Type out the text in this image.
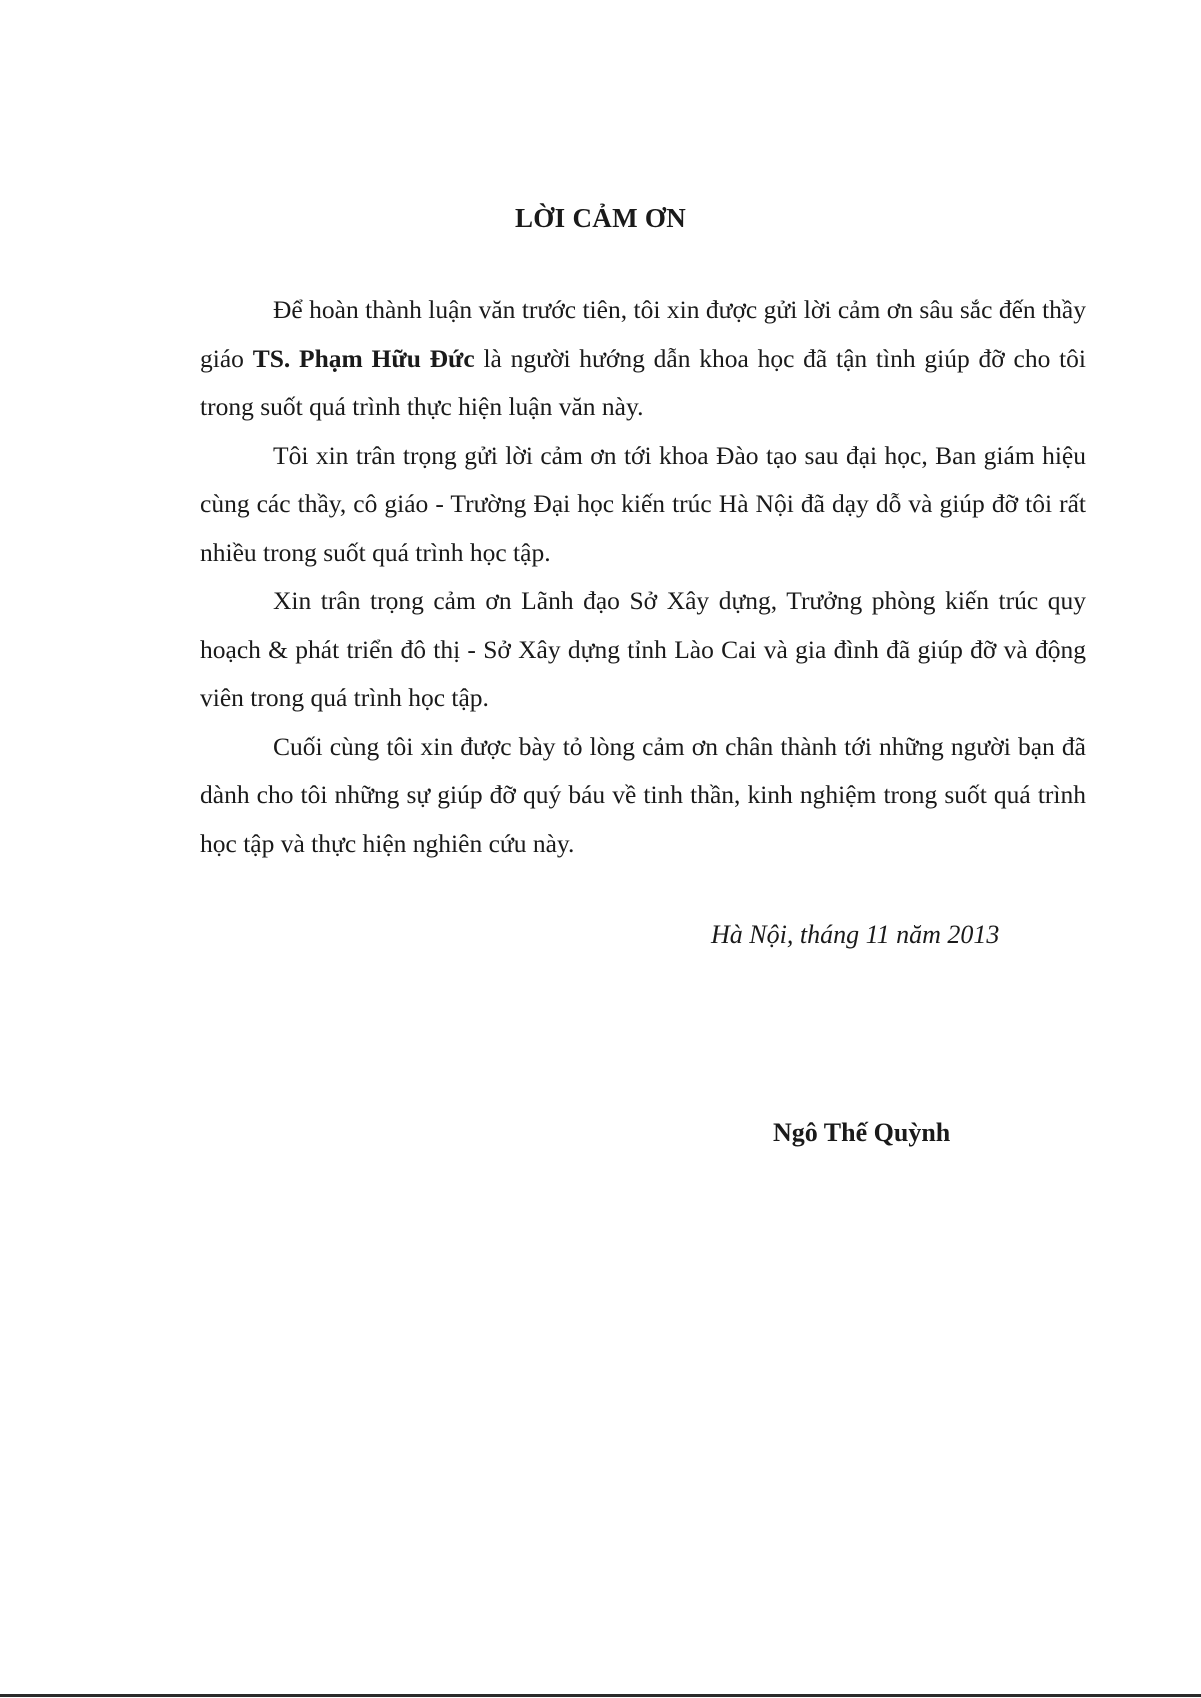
LỜI CẢM ƠN

Để hoàn thành luận văn trước tiên, tôi xin được gửi lời cảm ơn sâu sắc đến thầy giáo TS. Phạm Hữu Đức là người hướng dẫn khoa học đã tận tình giúp đỡ cho tôi trong suốt quá trình thực hiện luận văn này.

Tôi xin trân trọng gửi lời cảm ơn tới khoa Đào tạo sau đại học, Ban giám hiệu cùng các thầy, cô giáo - Trường Đại học kiến trúc Hà Nội đã dạy dỗ và giúp đỡ tôi rất nhiều trong suốt quá trình học tập.

Xin trân trọng cảm ơn Lãnh đạo Sở Xây dựng, Trưởng phòng kiến trúc quy hoạch & phát triển đô thị - Sở Xây dựng tỉnh Lào Cai và gia đình đã giúp đỡ và động viên trong quá trình học tập.

Cuối cùng tôi xin được bày tỏ lòng cảm ơn chân thành tới những người bạn đã dành cho tôi những sự giúp đỡ quý báu về tinh thần, kinh nghiệm trong suốt quá trình học tập và thực hiện nghiên cứu này.

Hà Nội, tháng 11 năm 2013
Ngô Thế Quỳnh
